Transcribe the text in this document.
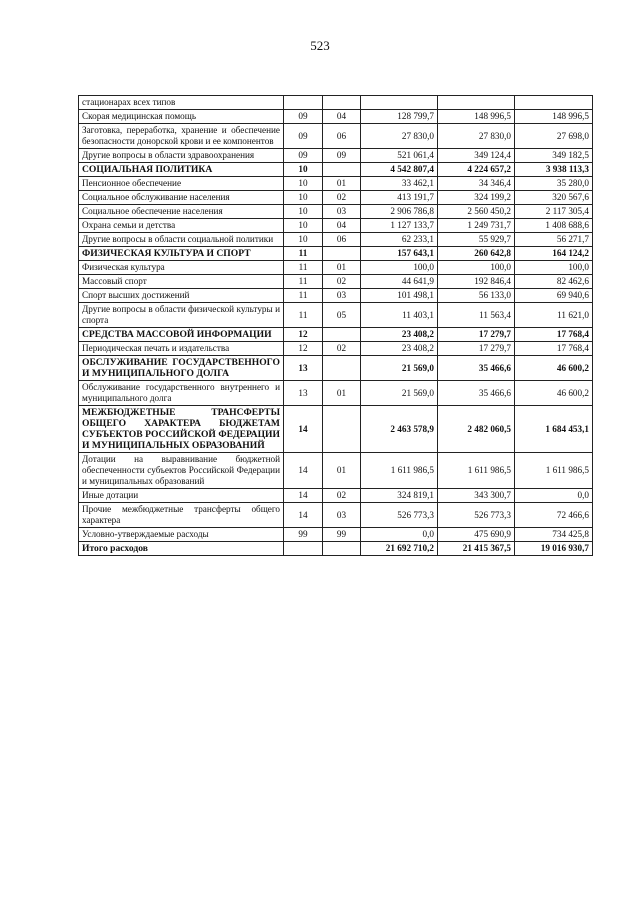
523
стационарах всех типов					
Скорая медицинская помощь	09	04	128 799,7	148 996,5	148 996,5
Заготовка, переработка, хранение и обеспечение безопасности донорской крови и ее компонентов	09	06	27 830,0	27 830,0	27 698,0
Другие вопросы в области здравоохранения	09	09	521 061,4	349 124,4	349 182,5
СОЦИАЛЬНАЯ ПОЛИТИКА	10		4 542 807,4	4 224 657,2	3 938 113,3
Пенсионное обеспечение	10	01	33 462,1	34 346,4	35 280,0
Социальное обслуживание населения	10	02	413 191,7	324 199,2	320 567,6
Социальное обеспечение населения	10	03	2 906 786,8	2 560 450,2	2 117 305,4
Охрана семьи и детства	10	04	1 127 133,7	1 249 731,7	1 408 688,6
Другие вопросы в области социальной политики	10	06	62 233,1	55 929,7	56 271,7
ФИЗИЧЕСКАЯ КУЛЬТУРА И СПОРТ	11		157 643,1	260 642,8	164 124,2
Физическая культура	11	01	100,0	100,0	100,0
Массовый спорт	11	02	44 641,9	192 846,4	82 462,6
Спорт высших достижений	11	03	101 498,1	56 133,0	69 940,6
Другие вопросы в области физической культуры и спорта	11	05	11 403,1	11 563,4	11 621,0
СРЕДСТВА МАССОВОЙ ИНФОРМАЦИИ	12		23 408,2	17 279,7	17 768,4
Периодическая печать и издательства	12	02	23 408,2	17 279,7	17 768,4
ОБСЛУЖИВАНИЕ ГОСУДАРСТВЕННОГО И МУНИЦИПАЛЬНОГО ДОЛГА	13		21 569,0	35 466,6	46 600,2
Обслуживание государственного внутреннего и муниципального долга	13	01	21 569,0	35 466,6	46 600,2
МЕЖБЮДЖЕТНЫЕ ТРАНСФЕРТЫ ОБЩЕГО ХАРАКТЕРА БЮДЖЕТАМ СУБЪЕКТОВ РОССИЙСКОЙ ФЕДЕРАЦИИ И МУНИЦИПАЛЬНЫХ ОБРАЗОВАНИЙ	14		2 463 578,9	2 482 060,5	1 684 453,1
Дотации на выравнивание бюджетной обеспеченности субъектов Российской Федерации и муниципальных образований	14	01	1 611 986,5	1 611 986,5	1 611 986,5
Иные дотации	14	02	324 819,1	343 300,7	0,0
Прочие межбюджетные трансферты общего характера	14	03	526 773,3	526 773,3	72 466,6
Условно-утверждаемые расходы	99	99	0,0	475 690,9	734 425,8
Итого расходов			21 692 710,2	21 415 367,5	19 016 930,7
